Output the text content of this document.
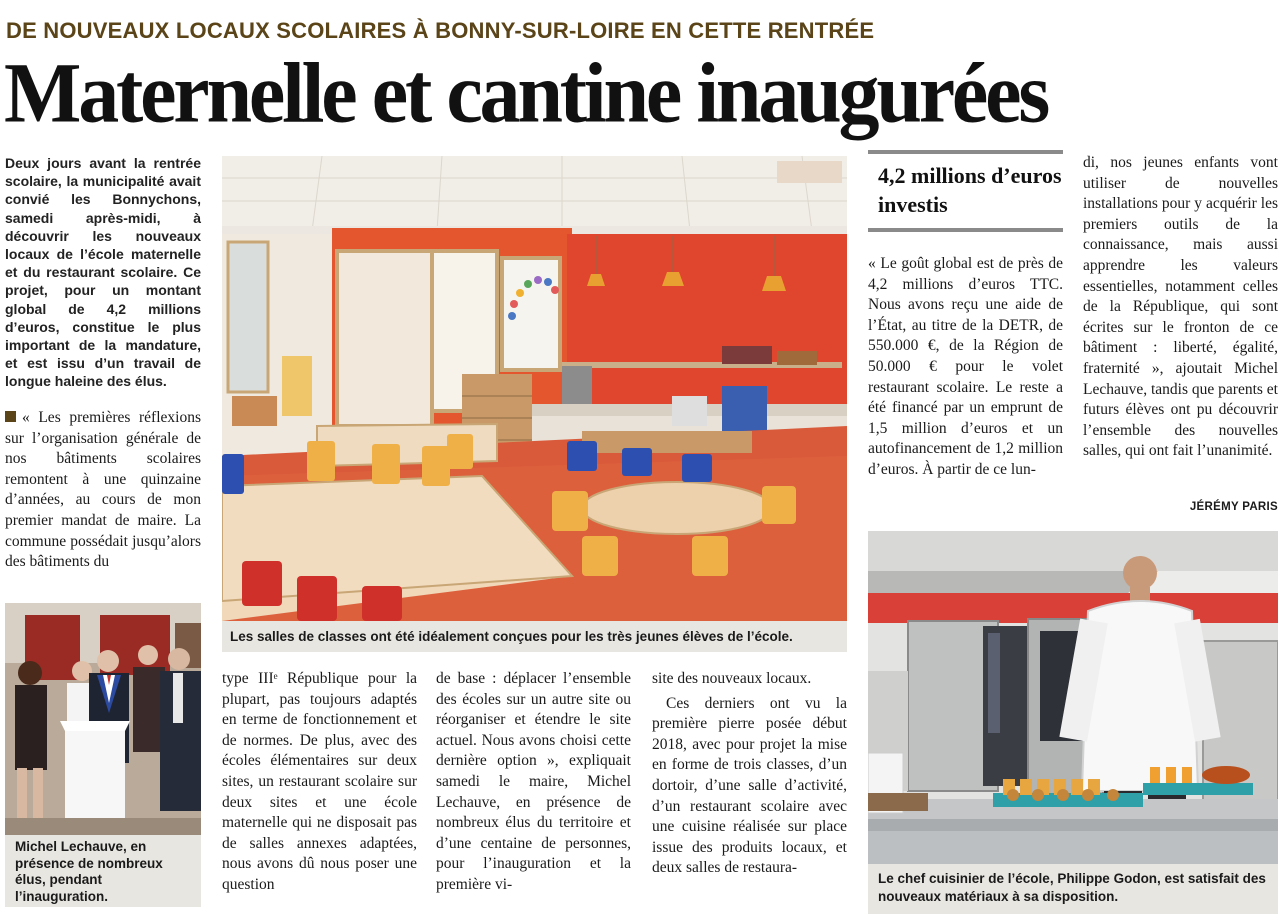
DE NOUVEAUX LOCAUX SCOLAIRES À BONNY-SUR-LOIRE EN CETTE RENTRÉE
Maternelle et cantine inaugurées

Deux jours avant la rentrée scolaire, la municipalité avait convié les Bonnychons, samedi après-midi, à découvrir les nouveaux locaux de l’école maternelle et du restaurant scolaire. Ce projet, pour un montant global de 4,2 millions d’euros, constitue le plus important de la mandature, et est issu d’un travail de longue haleine des élus.

« Les premières réflexions sur l’organisation générale de nos bâtiments scolaires remontent à une quinzaine d’années, au cours de mon premier mandat de maire. La commune possédait jusqu’alors des bâtiments du

Les salles de classes ont été idéalement conçues pour les très jeunes élèves de l’école.
Michel Lechauve, en présence de nombreux élus, pendant l’inauguration.

type IIIᵉ République pour la plupart, pas toujours adaptés en terme de fonctionnement et de normes. De plus, avec des écoles élémentaires sur deux sites, un restaurant scolaire sur deux sites et une école maternelle qui ne disposait pas de salles annexes adaptées, nous avons dû nous poser une question

de base : déplacer l’ensemble des écoles sur un autre site ou réorganiser et étendre le site actuel. Nous avons choisi cette dernière option », expliquait samedi le maire, Michel Lechauve, en présence de nombreux élus du territoire et d’une centaine de personnes, pour l’inauguration et la première vi-

site des nouveaux locaux.

Ces derniers ont vu la première pierre posée début 2018, avec pour projet la mise en forme de trois classes, d’un dortoir, d’une salle d’activité, d’un restaurant scolaire avec une cuisine réalisée sur place issue des produits locaux, et deux salles de restaura-

4,2 millions d’euros investis

« Le goût global est de près de 4,2 millions d’euros TTC. Nous avons reçu une aide de l’État, au titre de la DETR, de 550.000 €, de la Région de 50.000 € pour le volet restaurant scolaire. Le reste a été financé par un emprunt de 1,5 million d’euros et un autofinancement de 1,2 million d’euros. À partir de ce lun-

di, nos jeunes enfants vont utiliser de nouvelles installations pour y acquérir les premiers outils de la connaissance, mais aussi apprendre les valeurs essentielles, notamment celles de la République, qui sont écrites sur le fronton de ce bâtiment : liberté, égalité, fraternité », ajoutait Michel Lechauve, tandis que parents et futurs élèves ont pu découvrir l’ensemble des nouvelles salles, qui ont fait l’unanimité.

JÉRÉMY PARIS
Le chef cuisinier de l’école, Philippe Godon, est satisfait des nouveaux matériaux à sa disposition.
